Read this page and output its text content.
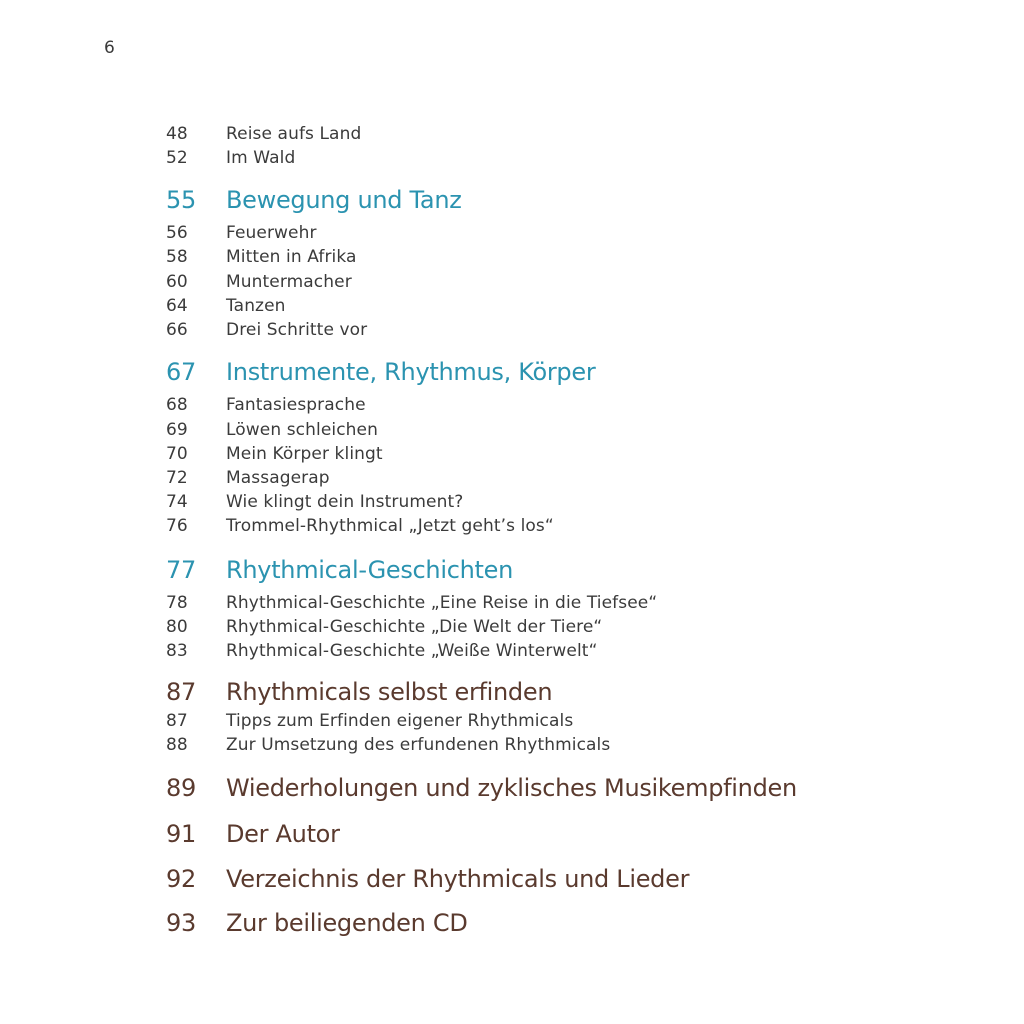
6
48	Reise aufs Land
52	Im Wald
55	Bewegung und Tanz
56	Feuerwehr
58	Mitten in Afrika
60	Muntermacher
64	Tanzen
66	Drei Schritte vor
67	Instrumente, Rhythmus, Körper
68	Fantasiesprache
69	Löwen schleichen
70	Mein Körper klingt
72	Massagerap
74	Wie klingt dein Instrument?
76	Trommel-Rhythmical „Jetzt geht’s los“
77	Rhythmical-Geschichten
78	Rhythmical-Geschichte „Eine Reise in die Tiefsee“
80	Rhythmical-Geschichte „Die Welt der Tiere“
83	Rhythmical-Geschichte „Weiße Winterwelt“
87	Rhythmicals selbst erfinden
87	Tipps zum Erfinden eigener Rhythmicals
88	Zur Umsetzung des erfundenen Rhythmicals
89	Wiederholungen und zyklisches Musikempfinden
91	Der Autor
92	Verzeichnis der Rhythmicals und Lieder
93	Zur beiliegenden CD
